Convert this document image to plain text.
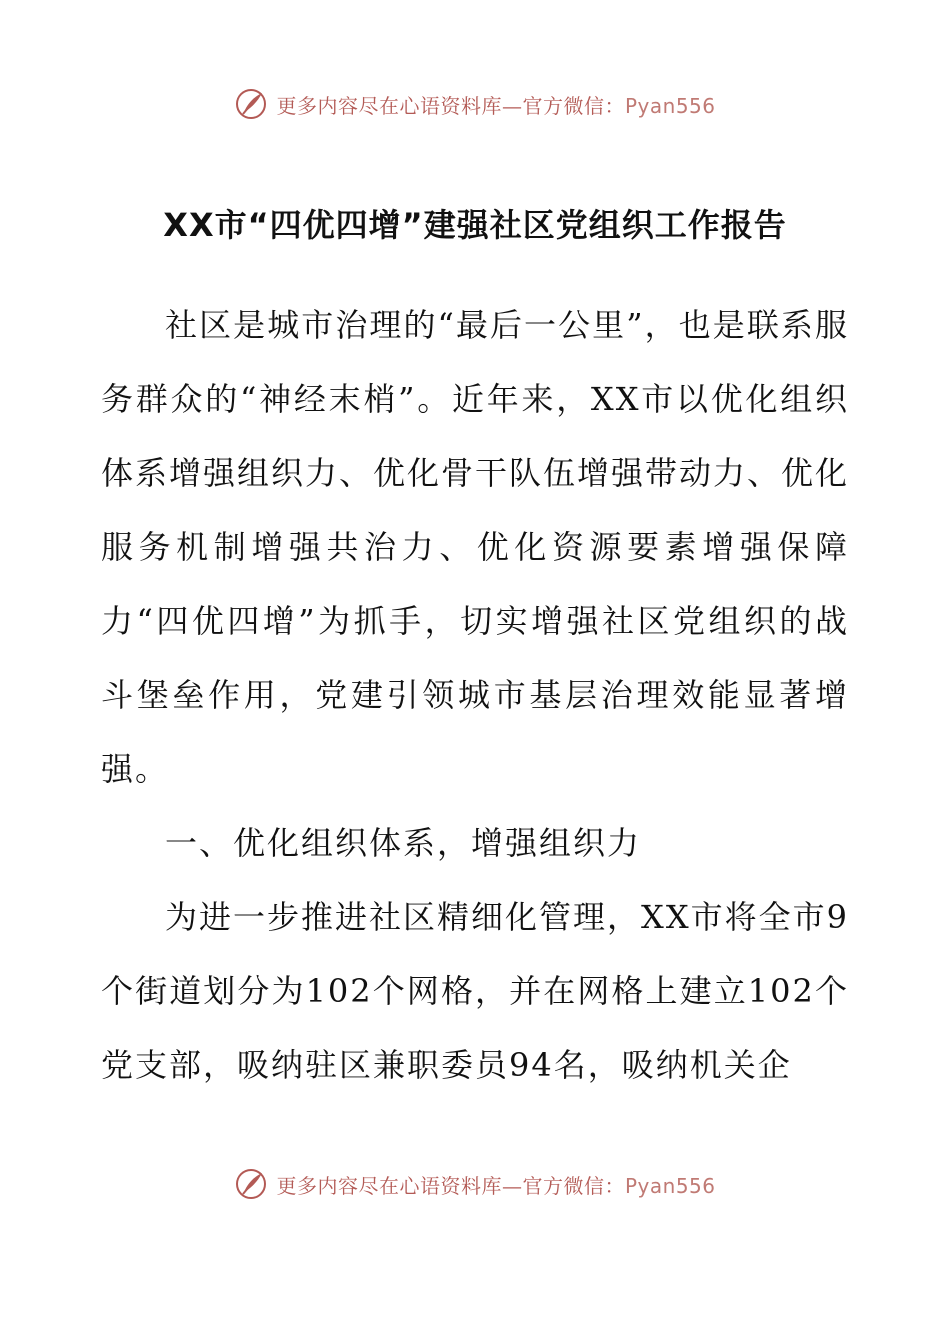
更多内容尽在心语资料库—官方微信：Pyan556
XX市“四优四增”建强社区党组织工作报告

社区是城市治理的“最后一公里”，也是联系服务群众的“神经末梢”。近年来，XX市以优化组织体系增强组织力、优化骨干队伍增强带动力、优化服务机制增强共治力、优化资源要素增强保障力“四优四增”为抓手，切实增强社区党组织的战斗堡垒作用，党建引领城市基层治理效能显著增强。

一、优化组织体系，增强组织力

为进一步推进社区精细化管理，XX市将全市9个街道划分为102个网格，并在网格上建立102个党支部，吸纳驻区兼职委员94名，吸纳机关企

更多内容尽在心语资料库—官方微信：Pyan556
